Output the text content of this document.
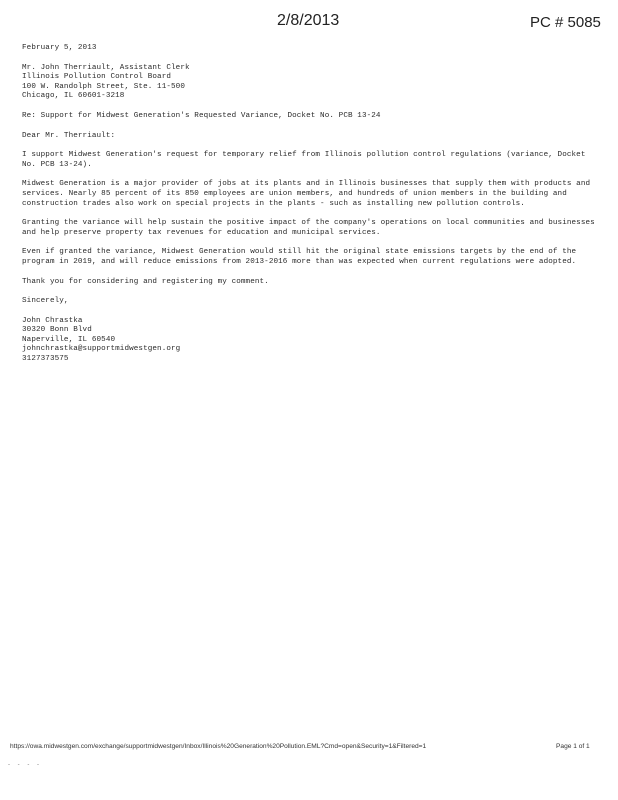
2/8/2013	PC # 5085
February 5, 2013
Mr. John Therriault, Assistant Clerk
Illinois Pollution Control Board
100 W. Randolph Street, Ste. 11-500
Chicago, IL 60601-3218
Re: Support for Midwest Generation's Requested Variance, Docket No. PCB 13-24
Dear Mr. Therriault:
I support Midwest Generation's request for temporary relief from Illinois pollution control regulations (variance, Docket No. PCB 13-24).
Midwest Generation is a major provider of jobs at its plants and in Illinois businesses that supply them with products and services. Nearly 85 percent of its 850 employees are union members, and hundreds of union members in the building and construction trades also work on special projects in the plants - such as installing new pollution controls.
Granting the variance will help sustain the positive impact of the company's operations on local communities and businesses and help preserve property tax revenues for education and municipal services.
Even if granted the variance, Midwest Generation would still hit the original state emissions targets by the end of the program in 2019, and will reduce emissions from 2013-2016 more than was expected when current regulations were adopted.
Thank you for considering and registering my comment.
Sincerely,
John Chrastka
30320 Bonn Blvd
Naperville, IL 60540
johnchrastka@supportmidwestgen.org
3127373575
https://owa.midwestgen.com/exchange/supportmidwestgen/Inbox/Illinois%20Generation%20Pollution.EML?Cmd=open&Security=1&Filtered=1	Page 1 of 1
- - - -
